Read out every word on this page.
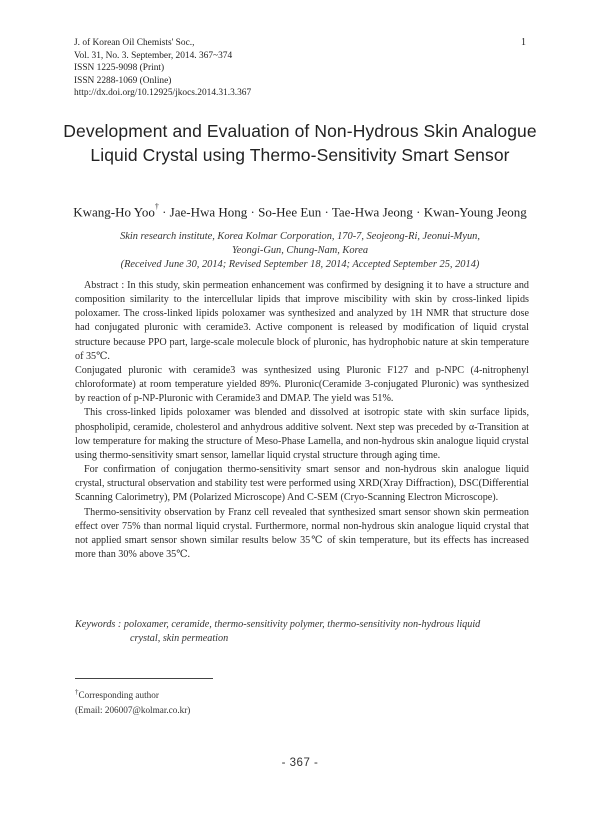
J. of Korean Oil Chemists' Soc.,
Vol. 31, No. 3. September, 2014. 367~374
ISSN 1225-9098 (Print)
ISSN 2288-1069 (Online)
http://dx.doi.org/10.12925/jkocs.2014.31.3.367
1
Development and Evaluation of Non-Hydrous Skin Analogue
Liquid Crystal using Thermo-Sensitivity Smart Sensor
Kwang-Ho Yoo† · Jae-Hwa Hong · So-Hee Eun · Tae-Hwa Jeong · Kwan-Young Jeong
Skin research institute, Korea Kolmar Corporation, 170-7, Seojeong-Ri, Jeonui-Myun,
Yeongi-Gun, Chung-Nam, Korea
(Received June 30, 2014; Revised September 18, 2014; Accepted September 25, 2014)

Abstract : In this study, skin permeation enhancement was confirmed by designing it to have a structure and composition similarity to the intercellular lipids that improve miscibility with skin by cross-linked lipids poloxamer. The cross-linked lipids poloxamer was synthesized and analyzed by 1H NMR that structure dose had conjugated pluronic with ceramide3. Active component is released by modification of liquid crystal structure because PPO part, large-scale molecule block of pluronic, has hydrophobic nature at skin temperature of 35℃.

Conjugated pluronic with ceramide3 was synthesized using Pluronic F127 and p-NPC (4-nitrophenyl chloroformate) at room temperature yielded 89%. Pluronic(Ceramide 3-conjugated Pluronic) was synthesized by reaction of p-NP-Pluronic with Ceramide3 and DMAP. The yield was 51%.

This cross-linked lipids poloxamer was blended and dissolved at isotropic state with skin surface lipids, phospholipid, ceramide, cholesterol and anhydrous additive solvent. Next step was preceded by α-Transition at low temperature for making the structure of Meso-Phase Lamella, and non-hydrous skin analogue liquid crystal using thermo-sensitivity smart sensor, lamellar liquid crystal structure through aging time.

For confirmation of conjugation thermo-sensitivity smart sensor and non-hydrous skin analogue liquid crystal, structural observation and stability test were performed using XRD(Xray Diffraction), DSC(Differential Scanning Calorimetry), PM (Polarized Microscope) And C-SEM (Cryo-Scanning Electron Microscope).

Thermo-sensitivity observation by Franz cell revealed that synthesized smart sensor shown skin permeation effect over 75% than normal liquid crystal. Furthermore, normal non-hydrous skin analogue liquid crystal that not applied smart sensor shown similar results below 35℃ of skin temperature, but its effects has increased more than 30% above 35℃.

Keywords : poloxamer, ceramide, thermo-sensitivity polymer, thermo-sensitivity non-hydrous liquid
crystal, skin permeation
†Corresponding author
(Email: 206007@kolmar.co.kr)
- 367 -
